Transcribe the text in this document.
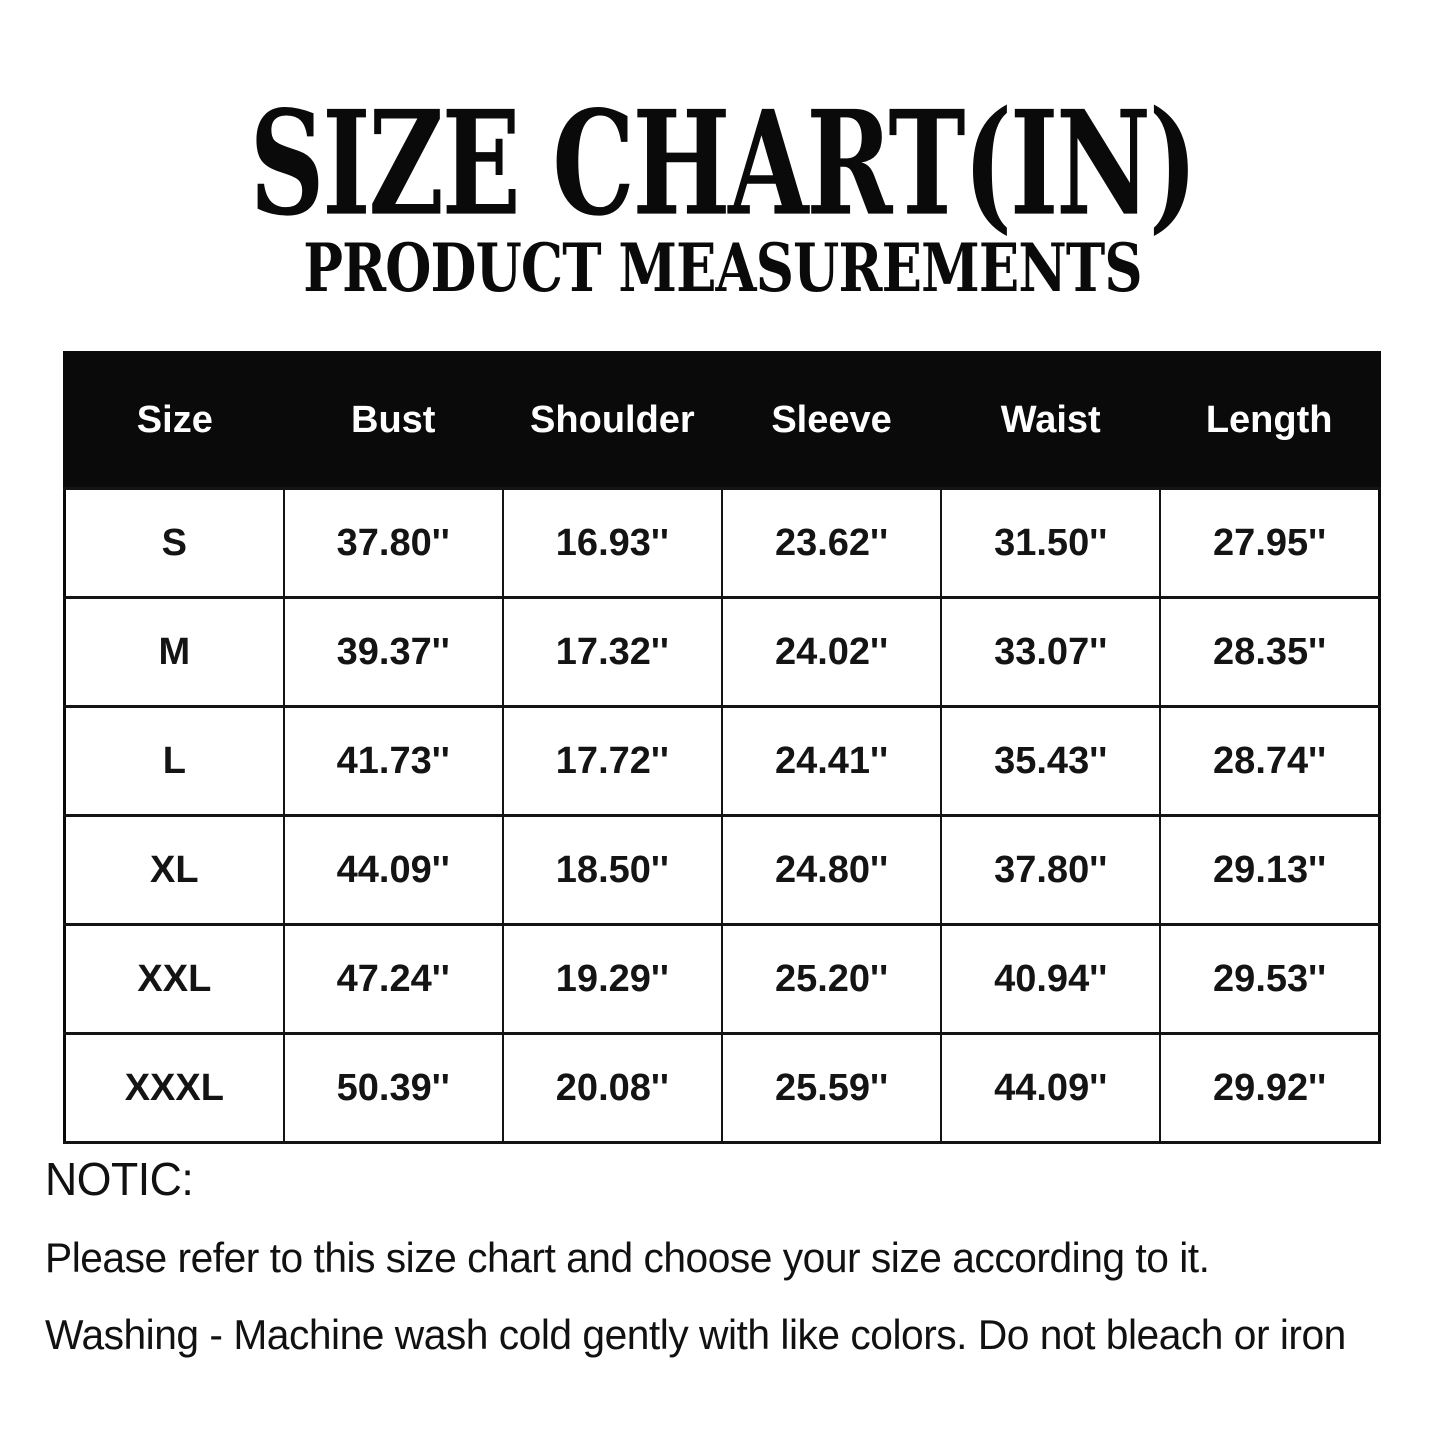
SIZE CHART(IN)
PRODUCT MEASUREMENTS
Size	Bust	Shoulder	Sleeve	Waist	Length
S	37.80''	16.93''	23.62''	31.50''	27.95''
M	39.37''	17.32''	24.02''	33.07''	28.35''
L	41.73''	17.72''	24.41''	35.43''	28.74''
XL	44.09''	18.50''	24.80''	37.80''	29.13''
XXL	47.24''	19.29''	25.20''	40.94''	29.53''
XXXL	50.39''	20.08''	25.59''	44.09''	29.92''

NOTIC:

Please refer to this size chart and choose your size according to it.

Washing - Machine wash cold gently with like colors. Do not bleach or iron
